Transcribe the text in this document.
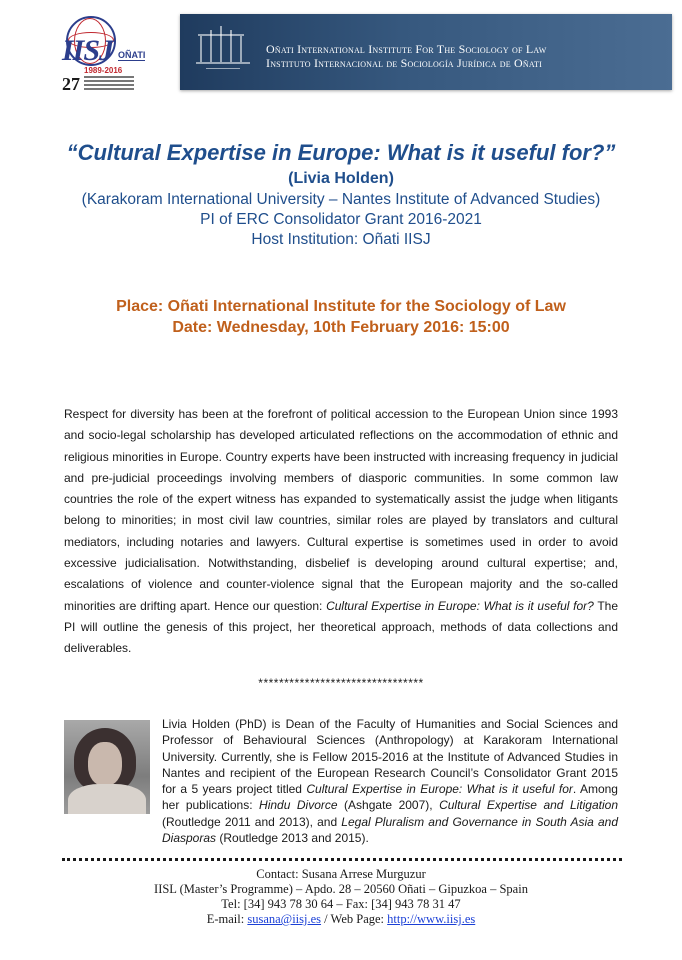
IISJ OÑATI
1989-2016
27
Oñati International Institute For The Sociology of Law
Instituto Internacional de Sociología Jurídica de Oñati
“Cultural Expertise in Europe: What is it useful for?”
(Livia Holden)
(Karakoram International University – Nantes Institute of Advanced Studies)
PI of ERC Consolidator Grant 2016-2021
Host Institution: Oñati IISJ
Place: Oñati International Institute for the Sociology of Law
Date: Wednesday, 10th February 2016: 15:00
Respect for diversity has been at the forefront of political accession to the European Union since 1993 and socio-legal scholarship has developed articulated reflections on the accommodation of ethnic and religious minorities in Europe. Country experts have been instructed with increasing frequency in judicial and pre-judicial proceedings involving members of diasporic communities. In some common law countries the role of the expert witness has expanded to systematically assist the judge when litigants belong to minorities; in most civil law countries, similar roles are played by translators and cultural mediators, including notaries and lawyers. Cultural expertise is sometimes used in order to avoid excessive judicialisation. Notwithstanding, disbelief is developing around cultural expertise; and, escalations of violence and counter-violence signal that the European majority and the so-called minorities are drifting apart. Hence our question: Cultural Expertise in Europe: What is it useful for? The PI will outline the genesis of this project, her theoretical approach, methods of data collections and deliverables.
********************************
Livia Holden (PhD) is Dean of the Faculty of Humanities and Social Sciences and Professor of Behavioural Sciences (Anthropology) at Karakoram International University. Currently, she is Fellow 2015-2016 at the Institute of Advanced Studies in Nantes and recipient of the European Research Council’s Consolidator Grant 2015 for a 5 years project titled Cultural Expertise in Europe: What is it useful for. Among her publications: Hindu Divorce (Ashgate 2007), Cultural Expertise and Litigation (Routledge 2011 and 2013), and Legal Pluralism and Governance in South Asia and Diasporas (Routledge 2013 and 2015).
Contact: Susana Arrese Murguzur
IISL (Master’s Programme) – Apdo. 28 – 20560 Oñati – Gipuzkoa – Spain
Tel: [34] 943 78 30 64 – Fax: [34] 943 78 31 47
E-mail: susana@iisj.es / Web Page: http://www.iisj.es
